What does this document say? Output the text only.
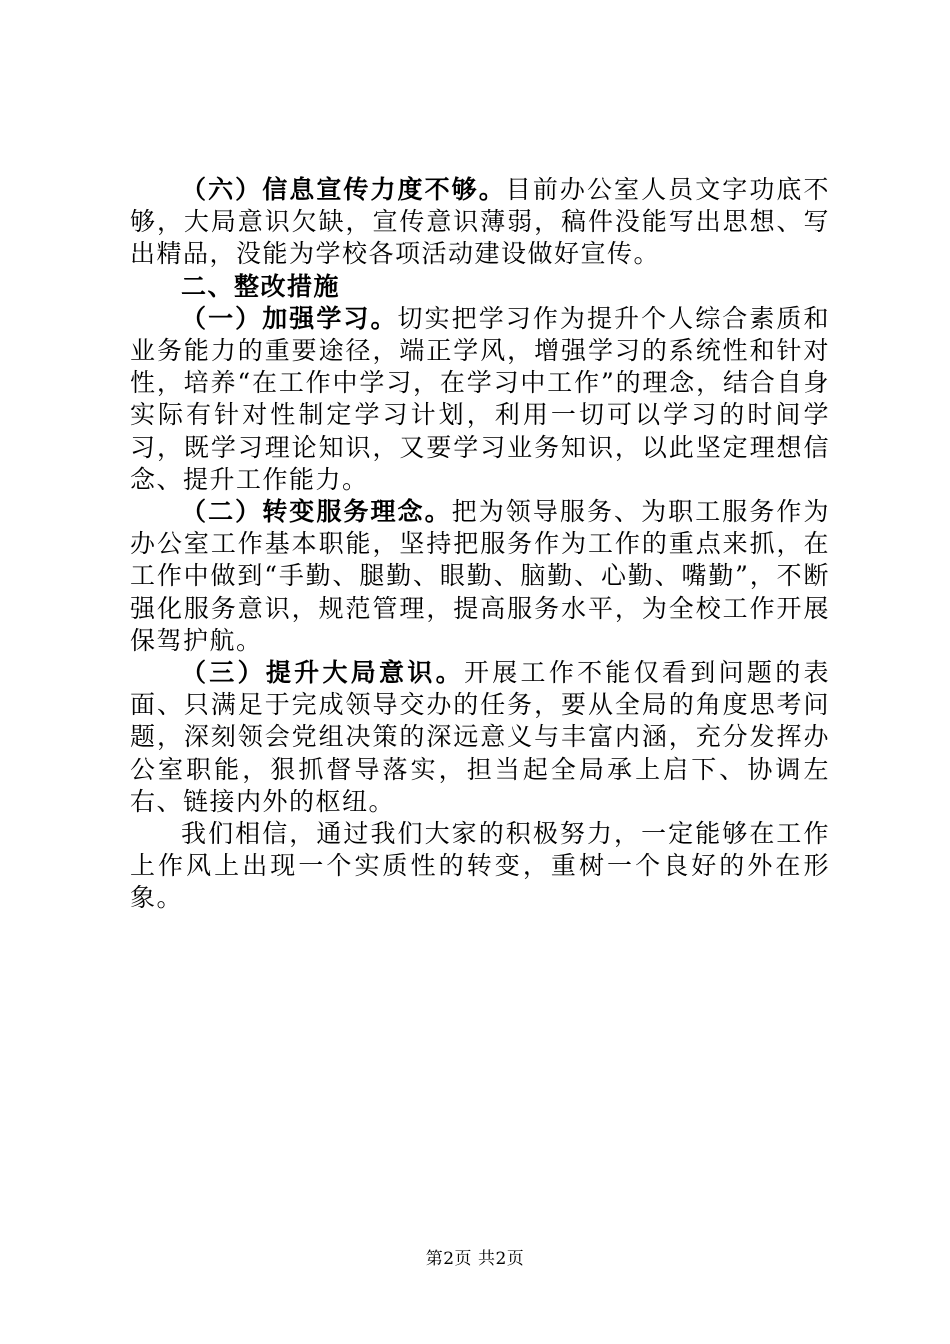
（六）信息宣传力度不够。目前办公室人员文字功底不够，大局意识欠缺，宣传意识薄弱，稿件没能写出思想、写出精品，没能为学校各项活动建设做好宣传。

二、整改措施

（一）加强学习。切实把学习作为提升个人综合素质和业务能力的重要途径，端正学风，增强学习的系统性和针对性，培养“在工作中学习，在学习中工作”的理念，结合自身实际有针对性制定学习计划，利用一切可以学习的时间学习，既学习理论知识，又要学习业务知识，以此坚定理想信念、提升工作能力。

（二）转变服务理念。把为领导服务、为职工服务作为办公室工作基本职能，坚持把服务作为工作的重点来抓，在工作中做到“手勤、腿勤、眼勤、脑勤、心勤、嘴勤”，不断强化服务意识，规范管理，提高服务水平，为全校工作开展保驾护航。

（三）提升大局意识。开展工作不能仅看到问题的表面、只满足于完成领导交办的任务，要从全局的角度思考问题，深刻领会党组决策的深远意义与丰富内涵，充分发挥办公室职能，狠抓督导落实，担当起全局承上启下、协调左右、链接内外的枢纽。

我们相信，通过我们大家的积极努力，一定能够在工作上作风上出现一个实质性的转变，重树一个良好的外在形象。

第2页 共2页
